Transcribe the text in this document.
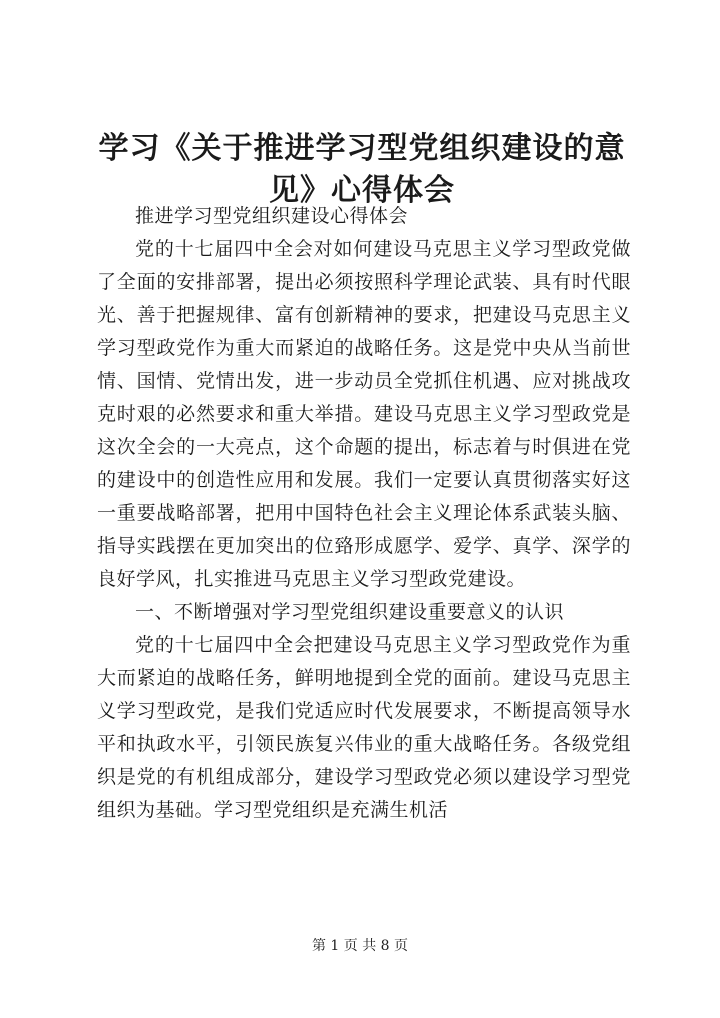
学习《关于推进学习型党组织建设的意见》心得体会

推进学习型党组织建设心得体会

党的十七届四中全会对如何建设马克思主义学习型政党做了全面的安排部署，提出必须按照科学理论武装、具有时代眼光、善于把握规律、富有创新精神的要求，把建设马克思主义学习型政党作为重大而紧迫的战略任务。这是党中央从当前世情、国情、党情出发，进一步动员全党抓住机遇、应对挑战攻克时艰的必然要求和重大举措。建设马克思主义学习型政党是这次全会的一大亮点，这个命题的提出，标志着与时俱进在党的建设中的创造性应用和发展。我们一定要认真贯彻落实好这一重要战略部署，把用中国特色社会主义理论体系武装头脑、指导实践摆在更加突出的位臵形成愿学、爱学、真学、深学的良好学风，扎实推进马克思主义学习型政党建设。

一、不断增强对学习型党组织建设重要意义的认识

党的十七届四中全会把建设马克思主义学习型政党作为重大而紧迫的战略任务，鲜明地提到全党的面前。建设马克思主义学习型政党，是我们党适应时代发展要求，不断提高领导水平和执政水平，引领民族复兴伟业的重大战略任务。各级党组织是党的有机组成部分，建设学习型政党必须以建设学习型党组织为基础。学习型党组织是充满生机活

第 1 页 共 8 页
